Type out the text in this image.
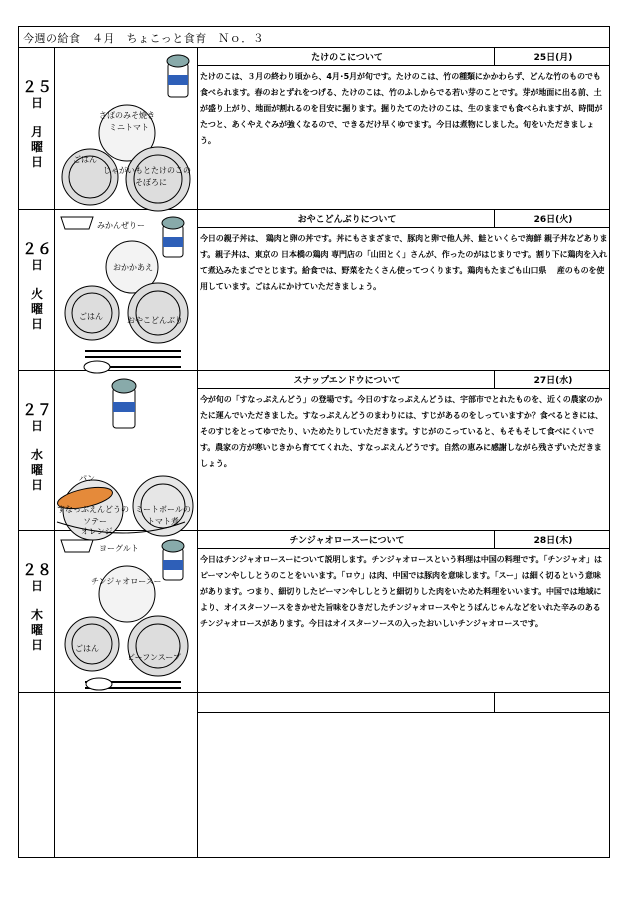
今週の給食　４月　ちょこっと食育　Ｎｏ．３
２５
日
月
曜
日
たけのこについて	25日(月)
たけのこは、３月の終わり頃から、4月･5月が旬です。たけのこは、竹の種類にかかわらず、どんな竹のものでも食べられます。春のおとずれをつげる、たけのこは、竹のふしからでる若い芽のことです。芽が地面に出る前、土が盛り上がり、地面が割れるのを目安に掘ります。掘りたてのたけのこは、生のままでも食べられますが、時間がたつと、あくやえぐみが強くなるので、できるだけ早くゆでます。今日は煮物にしました。旬をいただきましょう。
さばのみそ焼き
ミニトマト
ごはん
じゃがいもとたけのこの
そぼろに
２６
日
火
曜
日
おやこどんぶりについて	26日(火)
今日の親子丼は、 鶏肉と卵の丼です。丼にもさまざまで、豚肉と卵で他人丼、鮭といくらで海鮮 親子丼などあります。親子丼は、東京の 日本橋の鶏肉 専門店の「山田とく」さんが、作ったのがはじまりです。割り下に鶏肉を入れて煮込みたまごでとじます。給食では、野菜をたくさん使ってつくります。鶏肉もたまごも山口県　 産のものを使用しています。ごはんにかけていただきましょう。
みかんぜりー
おかかあえ
ごはん	おやこどんぶり
２７
日
水
曜
日
スナップエンドウについて	27日(水)
今が旬の「すなっぷえんどう」の登場です。今日のすなっぷえんどうは、宇部市でとれたものを、近くの農家のかたに運んでいただきました。すなっぷえんどうのまわりには、すじがあるのをしっていますか？食べるときには、そのすじをとってゆでたり、いためたりしていただきます。すじがのこっていると、もそもそして食べにくいです。農家の方が寒いじきから育ててくれた、すなっぷえんどうです。自然の恵みに感謝しながら残さずいただきましょう。
パン
すなっぷえんどうの
ソテー
オレンジ
ミートボールの
トマト煮
２８
日
木
曜
日
チンジャオロースーについて	28日(木)
今日はチンジャオロースーについて説明します。チンジャオロースという料理は中国の料理です。「チンジャオ」はピーマンやししとうのことをいいます。「ロウ」は肉、中国では豚肉を意味します。「スー」は細く切るという意味があります。つまり、細切りしたピーマンやししとうと細切りした肉をいためた料理をいいます。中国では地域により、オイスターソースをきかせた旨味をひきだしたチンジャオロースやとうばんじゃんなどをいれた辛みのあるチンジャオロースがあります。今日はオイスターソースの入ったおいしいチンジャオロースです。
ヨーグルト
チンジャオロースー
ごはん
ビーフンスープ
